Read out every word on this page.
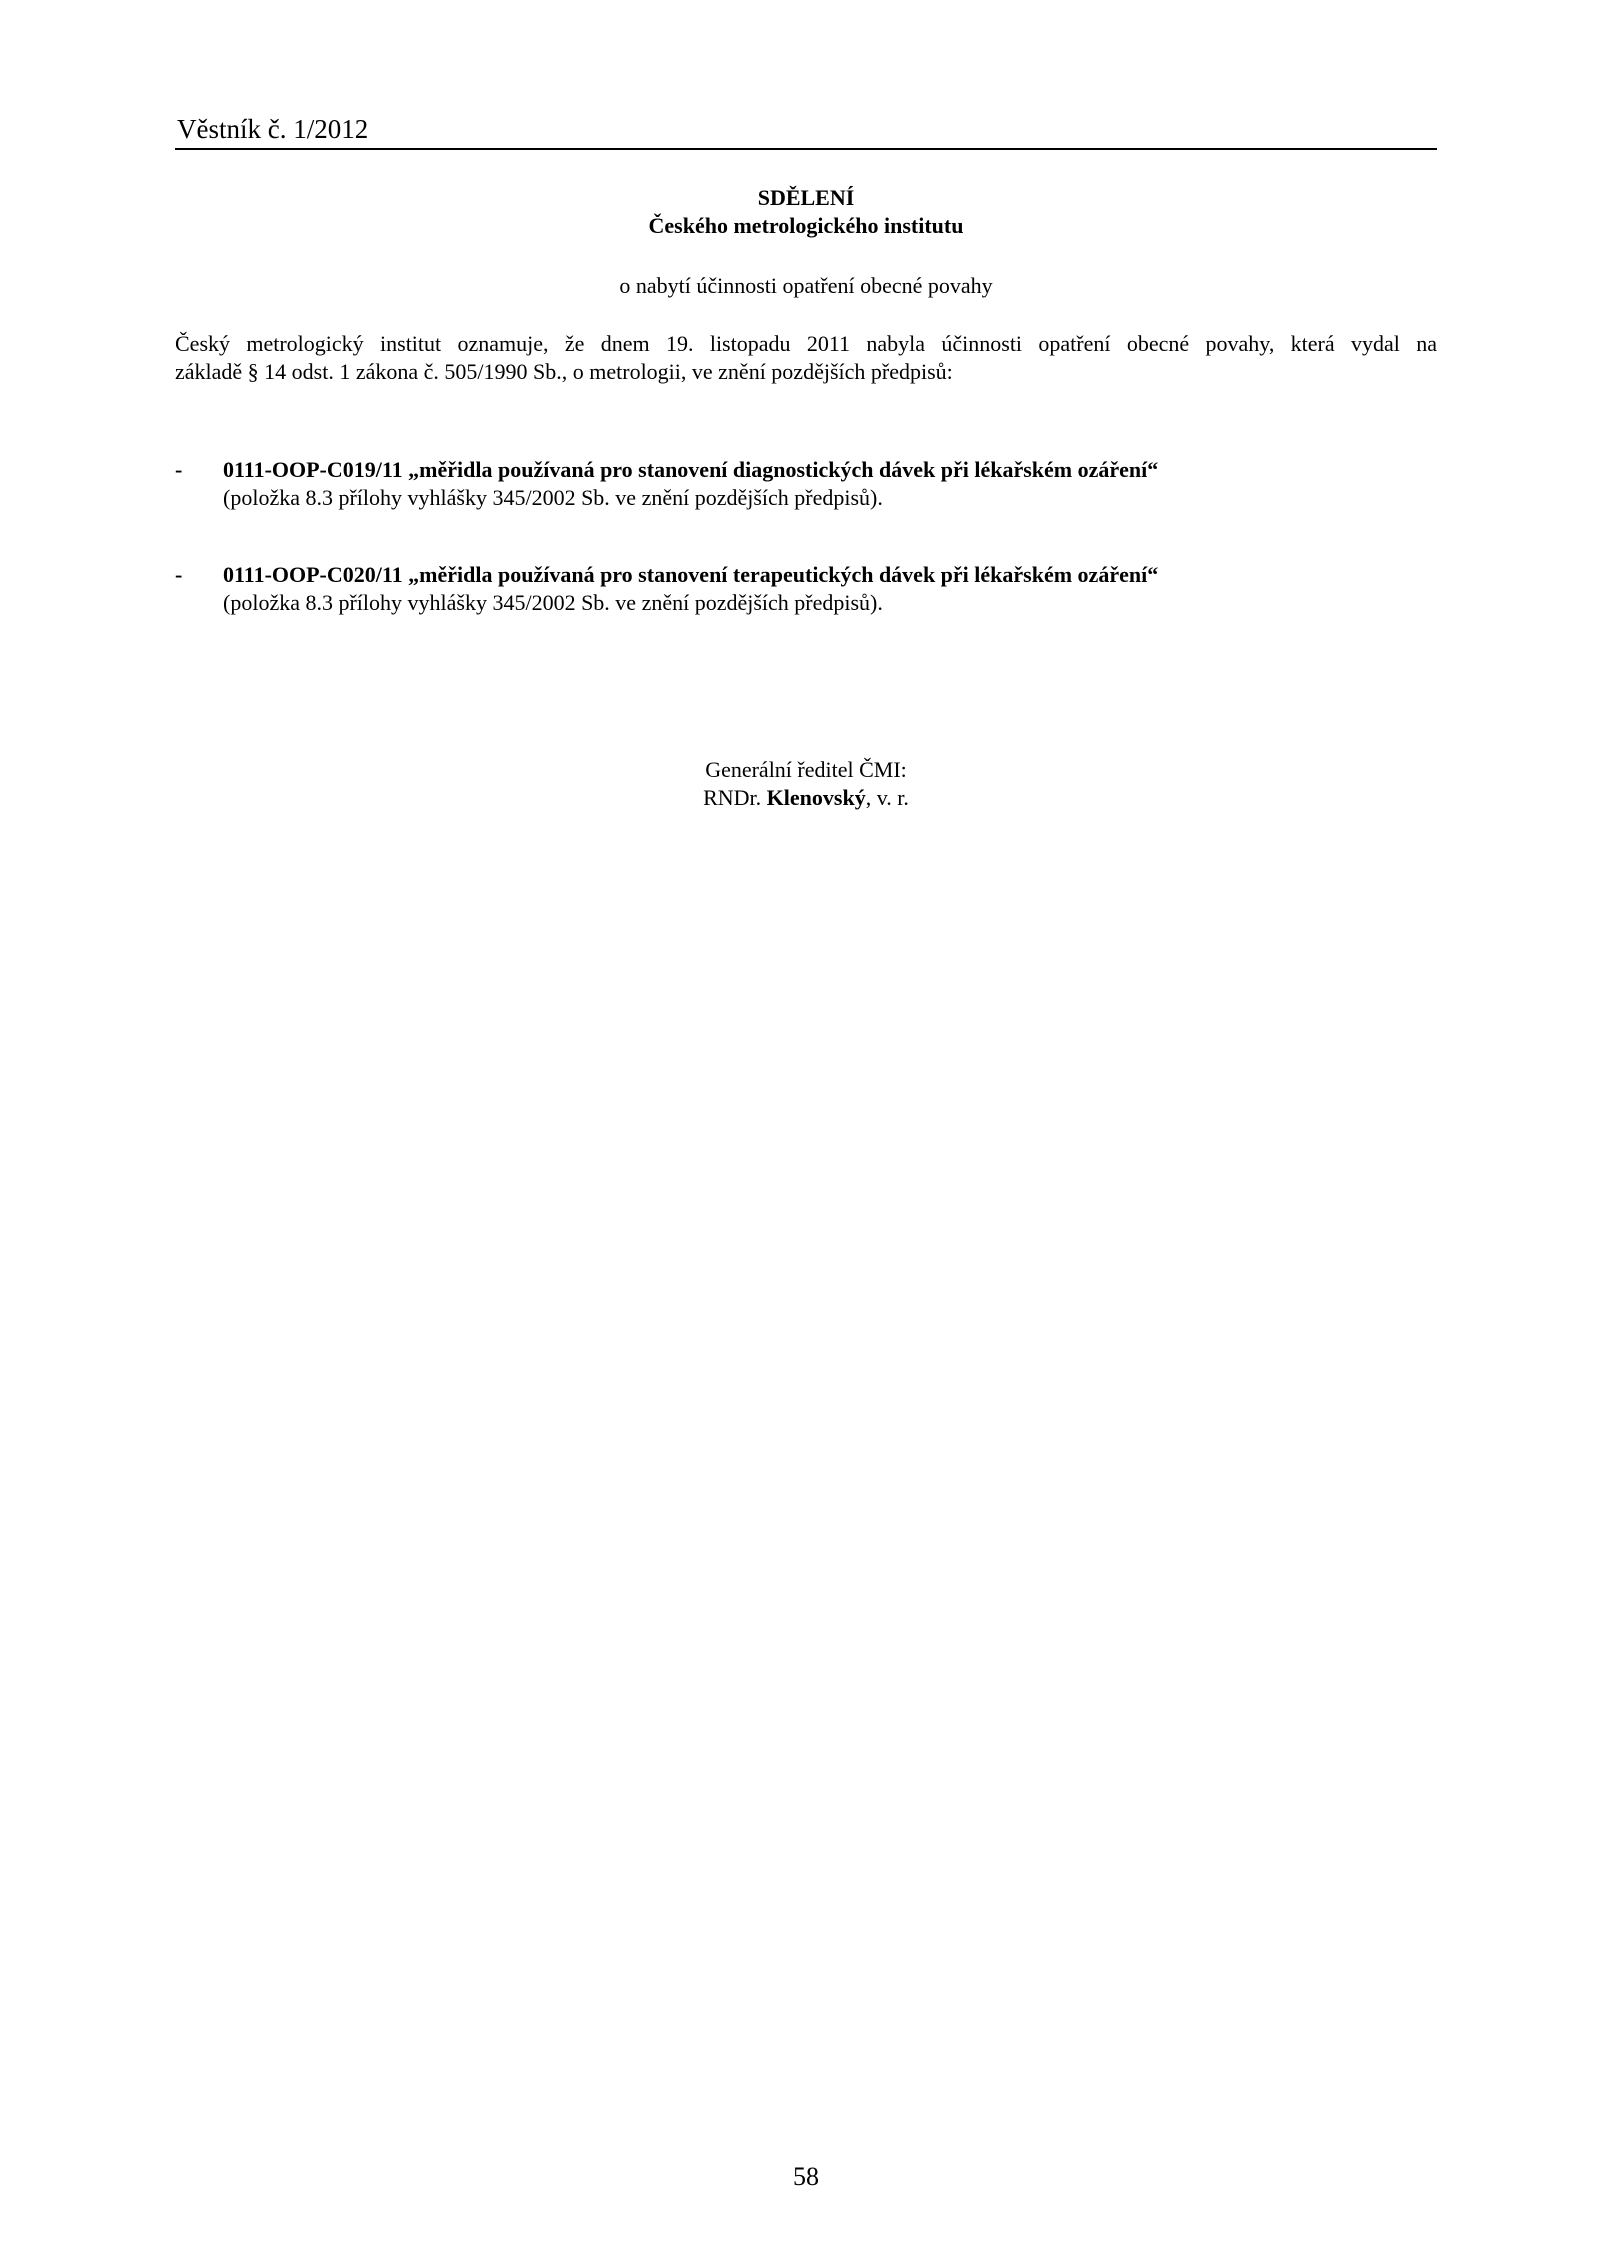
Věstník č. 1/2012
SDĚLENÍ
Českého metrologického institutu
o nabytí účinnosti opatření obecné povahy
Český metrologický institut oznamuje, že dnem 19. listopadu 2011 nabyla účinnosti opatření obecné povahy, která vydal na
základě § 14 odst. 1 zákona č. 505/1990 Sb., o metrologii, ve znění pozdějších předpisů:
- 0111-OOP-C019/11 „měřidla používaná pro stanovení diagnostických dávek při lékařském ozáření“
(položka 8.3 přílohy vyhlášky 345/2002 Sb. ve znění pozdějších předpisů).
- 0111-OOP-C020/11 „měřidla používaná pro stanovení terapeutických dávek při lékařském ozáření“
(položka 8.3 přílohy vyhlášky 345/2002 Sb. ve znění pozdějších předpisů).
Generální ředitel ČMI:
RNDr. Klenovský, v. r.
58
